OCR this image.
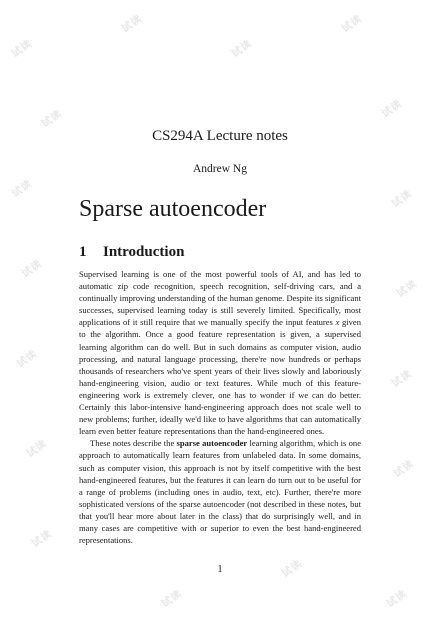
试读
试读
试读
试读
试读	试读
试读	试读
试读
试读
试读
试读
试读
试读
试读
试读
试读
试读
CS294A Lecture notes
Andrew Ng
Sparse autoencoder
1 Introduction

Supervised learning is one of the most powerful tools of AI, and has led to automatic zip code recognition, speech recognition, self-driving cars, and a continually improving understanding of the human genome. Despite its significant successes, supervised learning today is still severely limited. Specifically, most applications of it still require that we manually specify the input features x given to the algorithm. Once a good feature representation is given, a supervised learning algorithm can do well. But in such domains as computer vision, audio processing, and natural language processing, there're now hundreds or perhaps thousands of researchers who've spent years of their lives slowly and laboriously hand-engineering vision, audio or text features. While much of this feature-engineering work is extremely clever, one has to wonder if we can do better. Certainly this labor-intensive hand-engineering approach does not scale well to new problems; further, ideally we'd like to have algorithms that can automatically learn even better feature representations than the hand-engineered ones.

These notes describe the sparse autoencoder learning algorithm, which is one approach to automatically learn features from unlabeled data. In some domains, such as computer vision, this approach is not by itself competitive with the best hand-engineered features, but the features it can learn do turn out to be useful for a range of problems (including ones in audio, text, etc). Further, there're more sophisticated versions of the sparse autoencoder (not described in these notes, but that you'll hear more about later in the class) that do surprisingly well, and in many cases are competitive with or superior to even the best hand-engineered representations.

1
